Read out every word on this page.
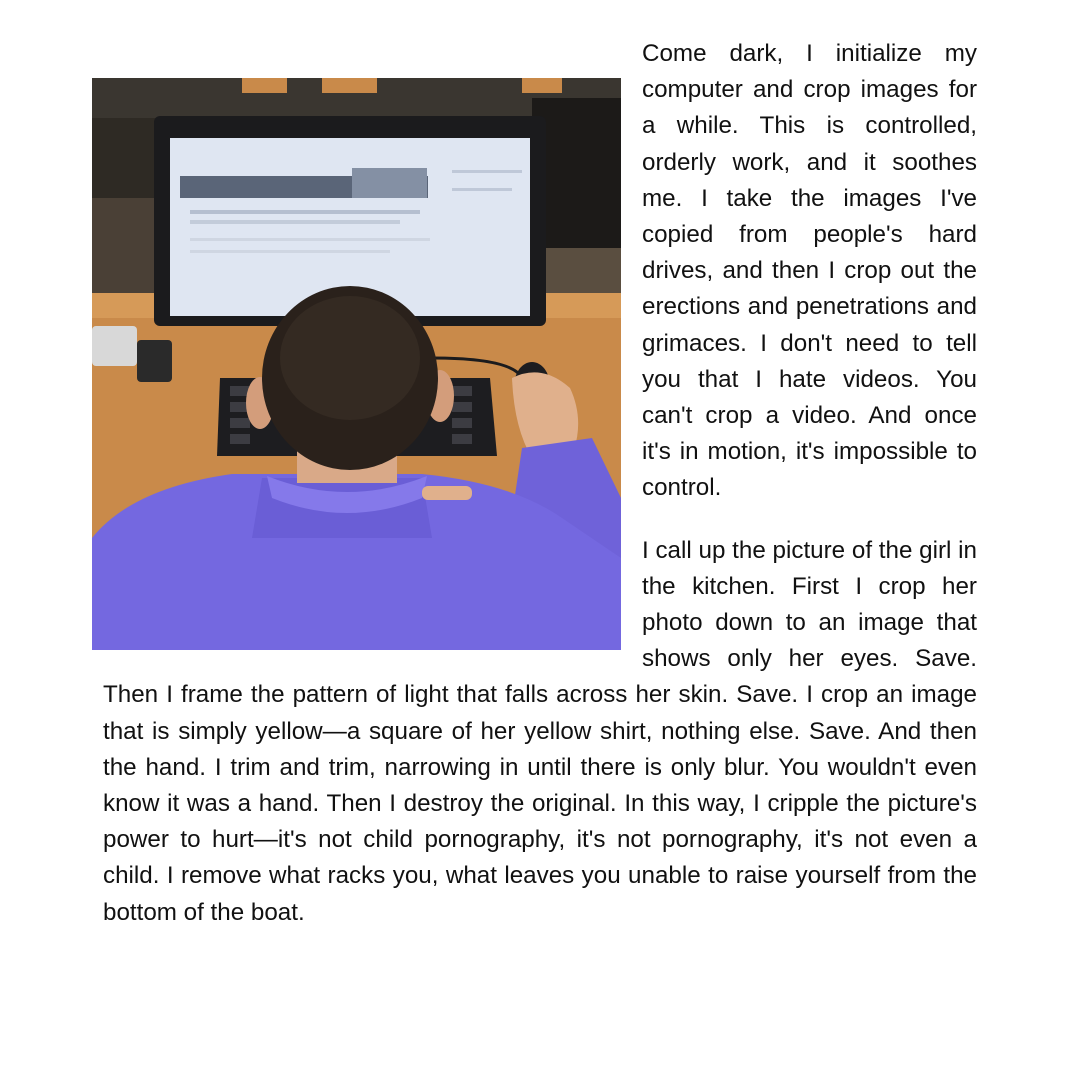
Come dark, I initialize my computer and crop images for a while. This is controlled, orderly work, and it soothes me. I take the images I've copied from people's hard drives, and then I crop out the erections and penetrations and grimaces. I don't need to tell you that I hate videos. You can't crop a video. And once it's in motion, it's impossible to control.

I call up the picture of the girl in the kitchen. First I crop her photo down to an image that shows only her eyes. Save. Then I frame the pattern of light that falls across her skin. Save. I crop an image that is simply yellow—a square of her yellow shirt, nothing else. Save. And then the hand. I trim and trim, narrowing in until there is only blur. You wouldn't even know it was a hand. Then I destroy the original. In this way, I cripple the picture's power to hurt—it's not child pornography, it's not pornography, it's not even a child. I remove what racks you, what leaves you unable to raise yourself from the bottom of the boat.
